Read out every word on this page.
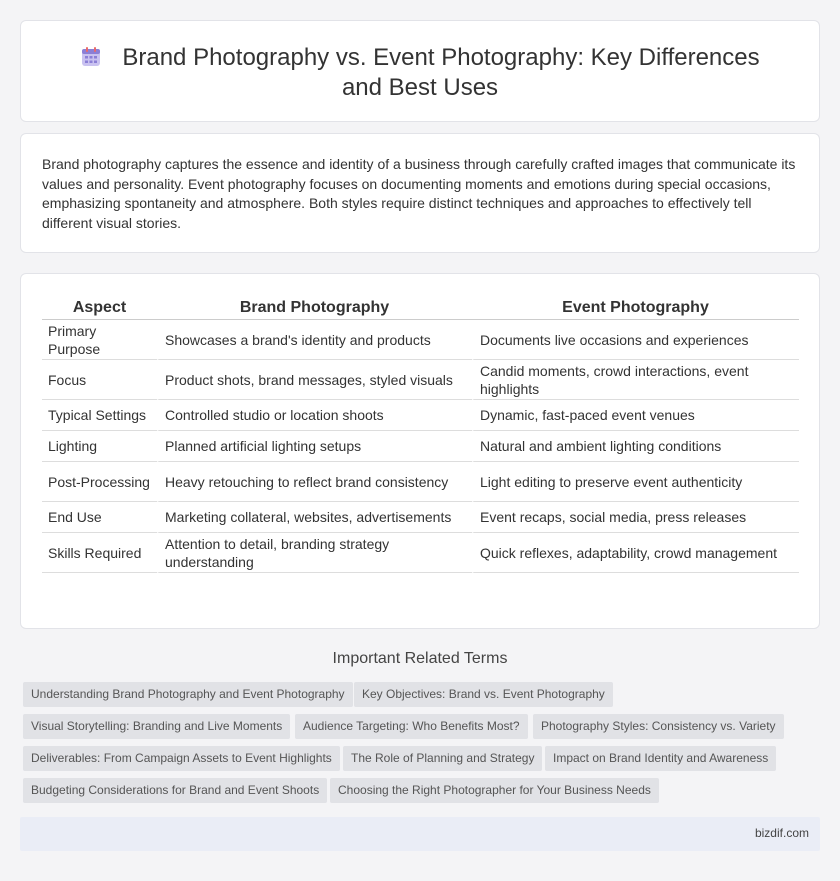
Brand Photography vs. Event Photography: Key Differences and Best Uses

Brand photography captures the essence and identity of a business through carefully crafted images that communicate its values and personality. Event photography focuses on documenting moments and emotions during special occasions, emphasizing spontaneity and atmosphere. Both styles require distinct techniques and approaches to effectively tell different visual stories.

Aspect	Brand Photography	Event Photography
Primary Purpose	Showcases a brand's identity and products	Documents live occasions and experiences
Focus	Product shots, brand messages, styled visuals	Candid moments, crowd interactions, event highlights
Typical Settings	Controlled studio or location shoots	Dynamic, fast-paced event venues
Lighting	Planned artificial lighting setups	Natural and ambient lighting conditions
Post-Processing	Heavy retouching to reflect brand consistency	Light editing to preserve event authenticity
End Use	Marketing collateral, websites, advertisements	Event recaps, social media, press releases
Skills Required	Attention to detail, branding strategy understanding	Quick reflexes, adaptability, crowd management
Important Related Terms
Understanding Brand Photography and Event Photography	Key Objectives: Brand vs. Event Photography
Visual Storytelling: Branding and Live Moments	Audience Targeting: Who Benefits Most?	Photography Styles: Consistency vs. Variety
Deliverables: From Campaign Assets to Event Highlights	The Role of Planning and Strategy	Impact on Brand Identity and Awareness
Budgeting Considerations for Brand and Event Shoots	Choosing the Right Photographer for Your Business Needs
bizdif.com
